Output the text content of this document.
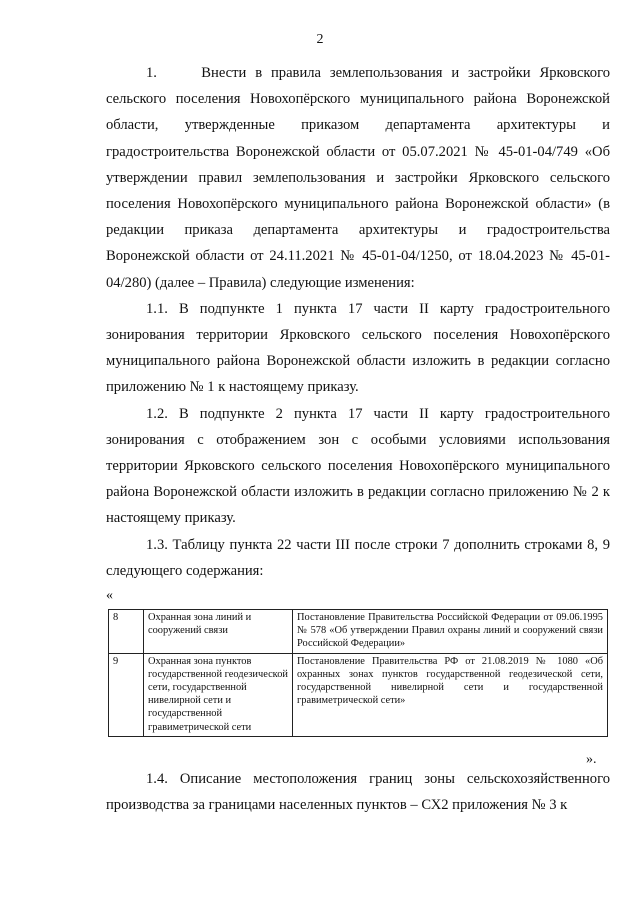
2

1.     Внести в правила землепользования и застройки Ярковского сельского поселения Новохопёрского муниципального района Воронежской области, утвержденные приказом департамента архитектуры и градостроительства Воронежской области от 05.07.2021 № 45-01-04/749 «Об утверждении правил землепользования и застройки Ярковского сельского поселения Новохопёрского муниципального района Воронежской области» (в редакции приказа департамента архитектуры и градостроительства Воронежской области от 24.11.2021 № 45-01-04/1250, от 18.04.2023 № 45-01-04/280) (далее – Правила) следующие изменения:

1.1. В подпункте 1 пункта 17 части II карту градостроительного зонирования территории Ярковского сельского поселения Новохопёрского муниципального района Воронежской области изложить в редакции согласно приложению № 1 к настоящему приказу.

1.2. В подпункте 2 пункта 17 части II карту градостроительного зонирования с отображением зон с особыми условиями использования территории Ярковского сельского поселения Новохопёрского муниципального района Воронежской области изложить в редакции согласно приложению № 2 к настоящему приказу.

1.3. Таблицу пункта 22 части III после строки 7 дополнить строками 8, 9 следующего содержания:

«
8	Охранная зона линий и сооружений связи	Постановление Правительства Российской Федерации от 09.06.1995 № 578 «Об утверждении Правил охраны линий и сооружений связи Российской Федерации»
9	Охранная зона пунктов государственной геодезической сети, государственной нивелирной сети и государственной гравиметрической сети	Постановление Правительства РФ от 21.08.2019 № 1080 «Об охранных зонах пунктов государственной геодезической сети, государственной нивелирной сети и государственной гравиметрической сети»
».

1.4. Описание местоположения границ зоны сельскохозяйственного производства за границами населенных пунктов – СХ2 приложения № 3 к
